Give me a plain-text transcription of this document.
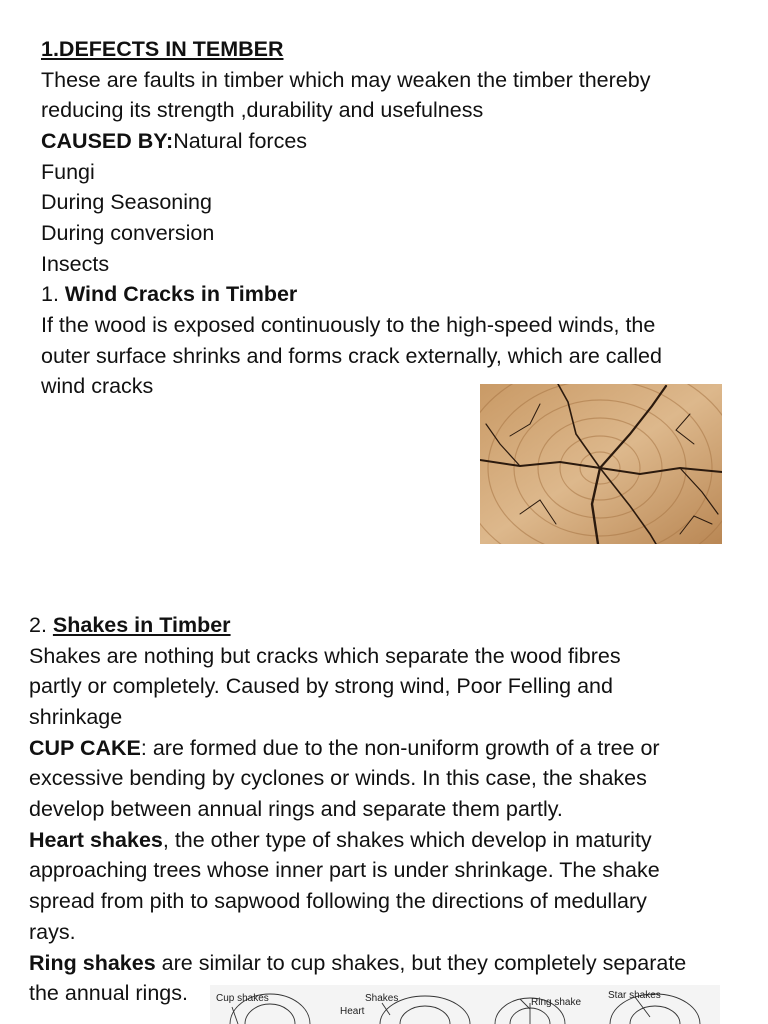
1.DEFECTS IN TEMBER
These are faults in timber which may weaken the timber thereby
reducing its strength ,durability and usefulness
CAUSED BY:Natural forces
Fungi
During Seasoning
During conversion
Insects
1. Wind Cracks in Timber
If the wood is exposed continuously to the high-speed winds, the
outer surface shrinks and forms crack externally, which are called
wind cracks
2. Shakes in Timber
Shakes are nothing but cracks which separate the wood fibres
partly or completely. Caused by strong wind, Poor Felling and
shrinkage
CUP CAKE: are formed due to the non-uniform growth of a tree or
excessive bending by cyclones or winds. In this case, the shakes
develop between annual rings and separate them partly.
Heart shakes, the other type of shakes which develop in maturity
approaching trees whose inner part is under shrinkage. The shake
spread from pith to sapwood following the directions of medullary
rays.
Ring shakes are similar to cup shakes, but they completely separate
the annual rings.	Cup shakes	Shakes
Heart
Ring shake
Star shakes
